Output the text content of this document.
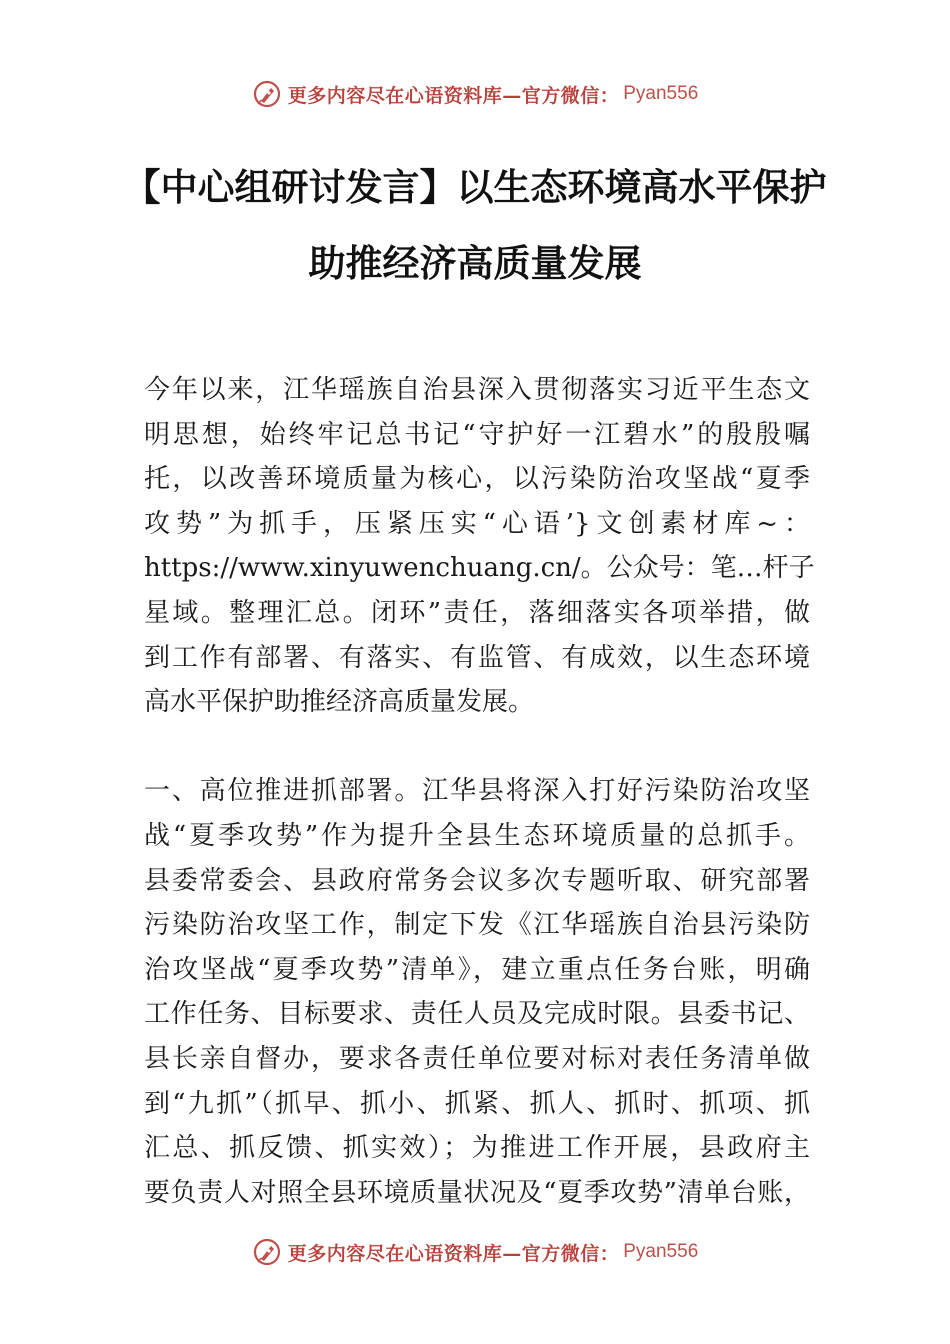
更多内容尽在心语资料库—官方微信： Pyan556
【中心组研讨发言】以生态环境高水平保护
助推经济高质量发展
今年以来，江华瑶族自治县深入贯彻落实习近平生态文
明思想，始终牢记总书记“守护好一江碧水”的殷殷嘱
托，以改善环境质量为核心，以污染防治攻坚战“夏季
攻势”为抓手，压紧压实“心语’}文创素材库~：
https://www.xinyuwenchuang.cn/。公众号：笔…杆子
星域。整理汇总。闭环”责任，落细落实各项举措，做
到工作有部署、有落实、有监管、有成效，以生态环境
高水平保护助推经济高质量发展。
一、高位推进抓部署。江华县将深入打好污染防治攻坚
战“夏季攻势”作为提升全县生态环境质量的总抓手。
县委常委会、县政府常务会议多次专题听取、研究部署
污染防治攻坚工作，制定下发《江华瑶族自治县污染防
治攻坚战“夏季攻势”清单》，建立重点任务台账，明确
工作任务、目标要求、责任人员及完成时限。县委书记、
县长亲自督办，要求各责任单位要对标对表任务清单做
到“九抓”（抓早、抓小、抓紧、抓人、抓时、抓项、抓
汇总、抓反馈、抓实效）；为推进工作开展，县政府主
要负责人对照全县环境质量状况及“夏季攻势”清单台账，
更多内容尽在心语资料库—官方微信： Pyan556
